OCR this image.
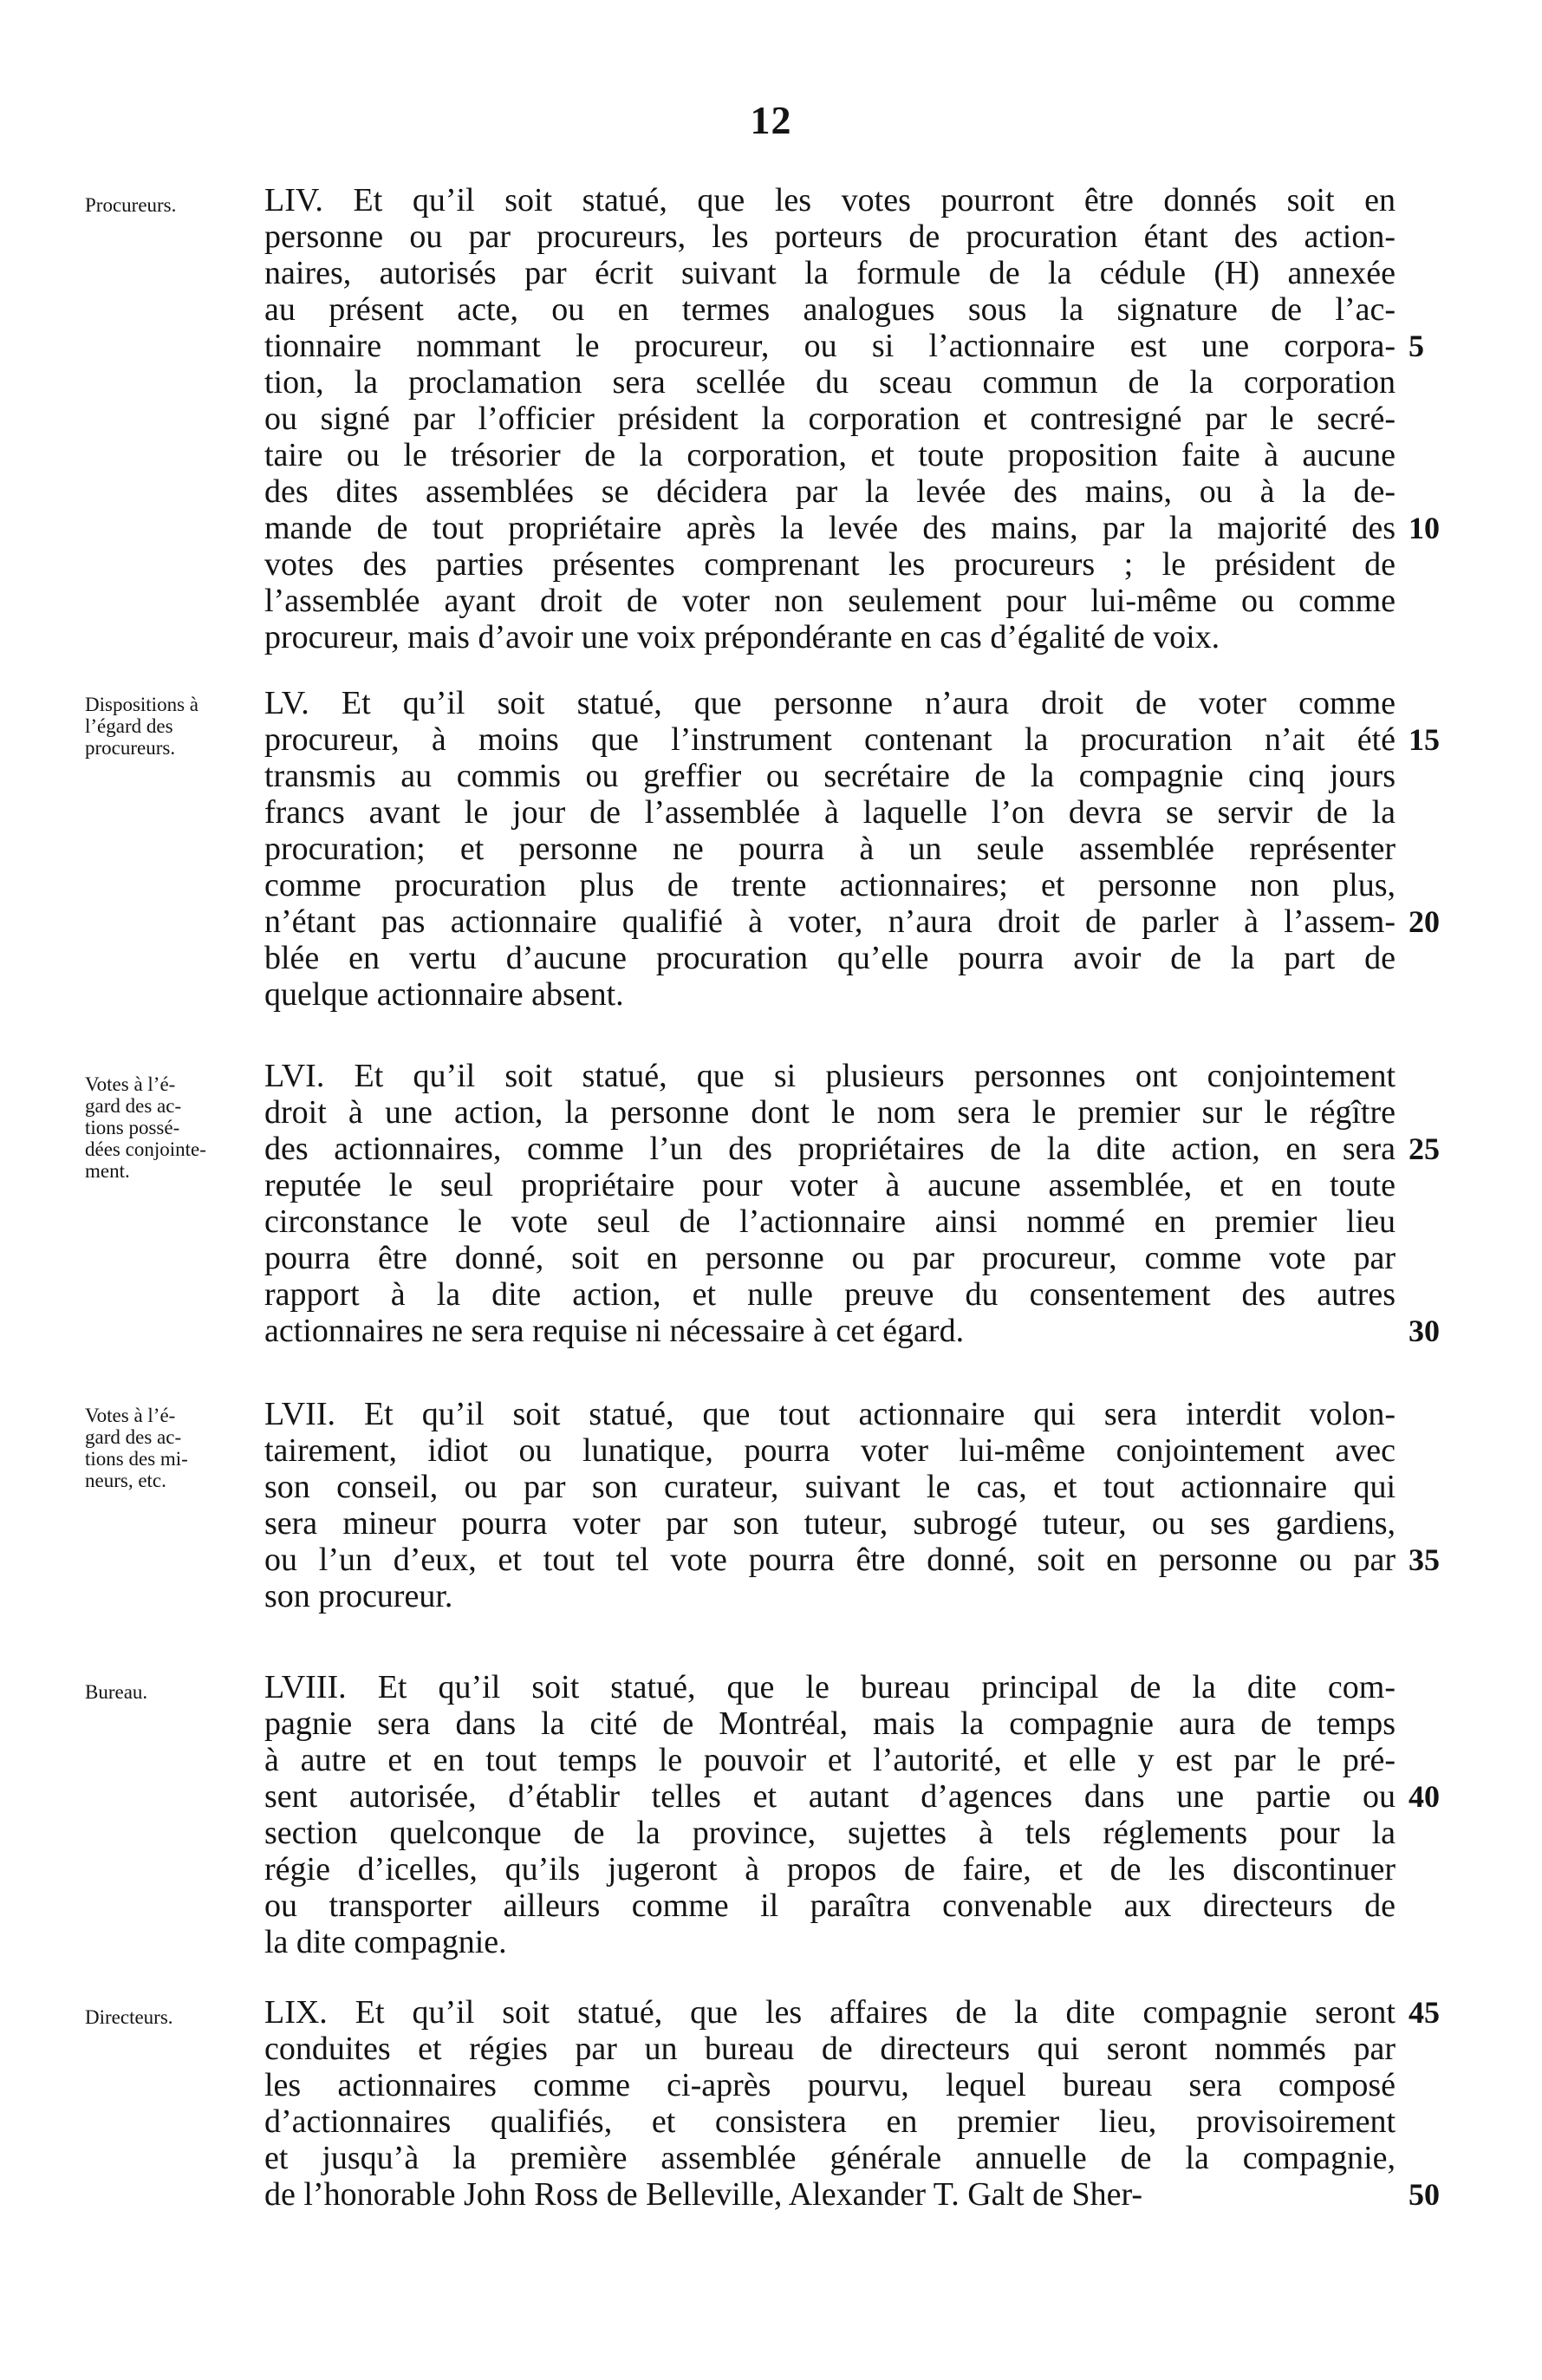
12
Procureurs.	LIV. Et qu’il soit statué, que les votes pourront être donnés soit en
personne ou par procureurs, les porteurs de procuration étant des action-
naires, autorisés par écrit suivant la formule de la cédule (H) annexée
au présent acte, ou en termes analogues sous la signature de l’ac-
tionnaire nommant le procureur, ou si l’actionnaire est une corpora-
tion, la proclamation sera scellée du sceau commun de la corporation
ou signé par l’officier président la corporation et contresigné par le secré-
taire ou le trésorier de la corporation, et toute proposition faite à aucune
des dites assemblées se décidera par la levée des mains, ou à la de-
mande de tout propriétaire après la levée des mains, par la majorité des
votes des parties présentes comprenant les procureurs ; le président de
l’assemblée ayant droit de voter non seulement pour lui-même ou comme
procureur, mais d’avoir une voix prépondérante en cas d’égalité de voix.
5
10
Dispositions à
l’égard des
procureurs.
LV. Et qu’il soit statué, que personne n’aura droit de voter comme
procureur, à moins que l’instrument contenant la procuration n’ait été
transmis au commis ou greffier ou secrétaire de la compagnie cinq jours
francs avant le jour de l’assemblée à laquelle l’on devra se servir de la
procuration; et personne ne pourra à un seule assemblée représenter
comme procuration plus de trente actionnaires; et personne non plus,
n’étant pas actionnaire qualifié à voter, n’aura droit de parler à l’assem-
blée en vertu d’aucune procuration qu’elle pourra avoir de la part de
quelque actionnaire absent.
15
20
Votes à l’é-
gard des ac-
tions possé-
dées conjointe-
ment.
LVI. Et qu’il soit statué, que si plusieurs personnes ont conjointement
droit à une action, la personne dont le nom sera le premier sur le régître
des actionnaires, comme l’un des propriétaires de la dite action, en sera
reputée le seul propriétaire pour voter à aucune assemblée, et en toute
circonstance le vote seul de l’actionnaire ainsi nommé en premier lieu
pourra être donné, soit en personne ou par procureur, comme vote par
rapport à la dite action, et nulle preuve du consentement des autres
actionnaires ne sera requise ni nécessaire à cet égard.
25
30
Votes à l’é-
gard des ac-
tions des mi-
neurs, etc.
LVII. Et qu’il soit statué, que tout actionnaire qui sera interdit volon-
tairement, idiot ou lunatique, pourra voter lui-même conjointement avec
son conseil, ou par son curateur, suivant le cas, et tout actionnaire qui
sera mineur pourra voter par son tuteur, subrogé tuteur, ou ses gardiens,
ou l’un d’eux, et tout tel vote pourra être donné, soit en personne ou par
son procureur.
35
Bureau.	LVIII. Et qu’il soit statué, que le bureau principal de la dite com-
pagnie sera dans la cité de Montréal, mais la compagnie aura de temps
à autre et en tout temps le pouvoir et l’autorité, et elle y est par le pré-
sent autorisée, d’établir telles et autant d’agences dans une partie ou
section quelconque de la province, sujettes à tels réglements pour la
régie d’icelles, qu’ils jugeront à propos de faire, et de les discontinuer
ou transporter ailleurs comme il paraîtra convenable aux directeurs de
la dite compagnie.
40
Directeurs.	LIX. Et qu’il soit statué, que les affaires de la dite compagnie seront
conduites et régies par un bureau de directeurs qui seront nommés par
les actionnaires comme ci-après pourvu, lequel bureau sera composé
d’actionnaires qualifiés, et consistera en premier lieu, provisoirement
et jusqu’à la première assemblée générale annuelle de la compagnie,
de l’honorable John Ross de Belleville, Alexander T. Galt de Sher-
45
50
